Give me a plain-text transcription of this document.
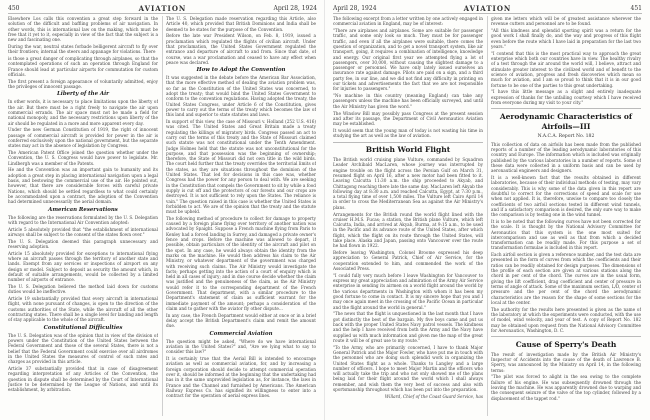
450	AVIATION	April 28, 1924

Elsewhere Los calls this convention a great step forward in the solution of the difficult and baffling problems of air navigation. In other words, this is international law on the making, which must be free that it yet to it, especially in view of the fact that the subject is a new and fascinating one.

During the war, neutral states forbade belligerent aircraft to fly over their frontiers; internal the steers and appanage for violations. There

is those a great danger of complicating through airplanes, so that the contemplated operations of such an operation through England for France should lead at particular airports for commutation for custom officials.

The first present a foreign appearance of voluntarily admitted, enjoy the privileges of innocent passage.

Liberty of the Air

In other words, it is necessary to place limitations upon the liberty of the air. But there must be a right freely to navigate the air upon commercial errands. The air space must not be made a field for national monopoly, and the necessary restrictions upon liberty of the air should be regulated in a more and more apparent every day.

Under the new German Constitution of 1919, the right of innocent passage of commercial aircraft is provided for power in the air is conferred exclusively upon the national government, but the separate states may act in the absence of legislation by Congress.

The American Patent Office joined the question whether under the Convention, the U. S. Congress would have power to legislate. Mr. Lindbergh was a member of the Patents.

He and the Convention was an important gain to humanity and its adoption a great step in placing international navigation upon a legal basis, and bestowing the commercial use of the air. He pointed out, however, that there are considerable forces with careful private Nations, which should be settled regardless to what could certainly be accommodated upon a contract, the adoption of the Convention had determined unnecessarily the aerial domain.

American Reservations

The following are the reservations formulated by the U. S. Delegation with regard to the International Air Convention adopted:

Article 5 absolutely provided that "the establishment of international airways shall be subject to the consent of the states flown over."

The U. S. Delegation deemed this paragraph unnecessary and reserving adoption.

Article 15 absolutely provided for exceptions to international flying where an aircraft passes through the territory of another state and lands. Exempt from any services or inspections of airsport on any design or model. Subject to deposit as security the amount which, in default of suitable arrangements, would be collected by a limited number of airports of entrance.

The U. S. Delegation believed the method laid down for customs duties would be ineffective.

Article 19 substantially provided that every aircraft in international flight, with none pursuant of changes, is open to the direction of the customs authorities of the State, while the aircraft of all the other contracting states. There shall be a single level for landing and length of stay applicable to the whole of the aircraft.

Constitutional Difficulties

The U. S. Delegation was of the opinion that in view of the division of powers under the Constitution of the United States between the Federal Government and those of the several States, there is not a belief that the Federal Government could exercise over all airdromes in the United States the measures of control of such rates and charges as provided in this article.

Article 37 substantially provided that in case of disagreement regarding interpretation of any Articles of the Convention, the question in dispute shall be determined by the Court of International Justice to be determined by the League of Nations, and until its establishment, by arbitration.

The U. S. Delegation made reservation regarding this Article, also Article 40, which provided that British Dominions and India shall be deemed to be states for the purpose of the Convention.

Before the late war President Wilson, on Feb. 8, 1919, issued a proclamation which regulated the flights of civilian aircraft. Under that proclamation, the United States Government regulated the entrance and departure of aircraft to and from. Since that date, of course, was a war proclamation and ceased to have any effect when peace was declared.

How to Adopt the Convention

It was suggested in the debate before the American Bar Association, that the more effective method of dealing the aviation problem was, so far as the Constitution of the United States was concerned, to adopt the treaty; that would bind the United States Government to conform to the convention regulations. Having adopted the treaty, the United States Congress, under Article 6 of the Constitution, gives power to carry out the terms of the treaty which becomes the law of this land and superior to state statutes and laws.

In support of this view, the case of Missouri v. Holland (252 U.S. 416) was cited. The United States and Great Britain made a treaty regulating the killings of migratory birds. Congress passed an act to carry out the terms of this treaty and the State of Missouri claimed such statute was not constitutional under the Tenth Amendment. Judge Holmes held that the statute was not unconstitutional for the purpose, and that possession was the beginning of ownership; therefore, the State of Missouri did not own title in the wild birds. The court held further that the treaty overrides the territorial limits of the states, as they are situations throughout the dominion of the United States. That led for decisions in this case was, whether Congress had the power for any person to deal with. We are seeking in the Constitution that compels the Government to sit by while a food supply is cut off and the protectors of our forests and our crops are destroyed. It is not sufficient to rely upon the States. The reliance is vain." The question raised in this case is whether the United States is forbidden to act. We are of the opinion that the treaty and the statute must be upheld.

The following method of procedure to collect for damage to property caused by a foreign plane flying over territory of another nation was advocated by Spaight. Suppose a French machine flying from Paris to Kenley had a forced landing in Surrey, and damaged a private owner's fence and crops. Before the machine was allowed to depart, if possible, obtain particulars of the identity of the aircraft and pilot on the spot. In any case, he would always obtain the identity from the marks on the machine. He would then address his claim to the Air Ministry, or whatever department of the government was charged with receiving such claims. The Air Ministry would investigate the facts; perhaps getting into the action of a court of enquiry which is held in all cases of injury; and in due course decide whether the claim was justified and the genuineness of the claim, as the Air Ministry would refer it to the corresponding department of the French Government. That department, with a similar procedure to the Department's statement of claim as sufficient warrant for the immediate payment of the amount; perhaps a consideration of the claim and to gather with the aviator fly other dispute...

In any case, the French Department would either at once or in a brief delay accept the British Department's claim and remit the amount due.

Commercial Aviation

The question might be asked, "Where do we have international aviation in the United States?" and, "Are we lying what to say to consider this law?"

It is certainly true that the Aerial Bill is intended to encourage aviation as well as commercial aviation, for, and by increasing a foreign corporation should decide to attempt commercial operation over it, should be informed at the beginning that the undertaking had has in it the same unprovided legislation as, for instance, the laws in France and the Channel and furnished by Americans. The American Railway Express Co. has signified its willingness to enter into a contract for the operation of aerial express lines.

April 28, 1924	AVIATION	451

The following excerpt from a letter written by one actively engaged in commercial aviation in England, may be of interest:

"There are airplanes and airplanes. Some are suitable for passenger traffic, and some only look so much. They must be for passenger traffic, and even if all the airplanes were suitable, there comes the question of organization, and to get a novel transport system, like air transport, going, it requires a combination of intelligence, knowledge and energy. Our original first year we attempted flying a lot of passengers, over 30,000, without causing the slightest damage to a passenger or personnel. We have only lately issued ourselves an insurance rate against damage. Pilots are paid on a sign, and a third party fee, in our line, and we did not find any difficulty in printing on our tickets and advertisements the fact that we are not responsible for injuries to passengers."

"No machine in this country (meaning England) can take any passengers unless the machine has been officially surveyed, and until the Air Ministry has given the word."

The Winslow Bill may possibly pass Congress at the present session and after its passage, the Department of Civil Aeronautics Aviation may be established.

It would seem that the young man of today is not wasting his time in studying the art as well as the law of aviation.

British World Flight

The British world cruising plane Vulture, commanded by Squadron Leader Archibald MacLaren, whose journey was interrupted by engine trouble on the flight across the Persian Gulf on March 31, resumed flight on April 16, after a new motor had been fitted to it. Leaving Calcutta 11:30 a.m. the ship proceeded to Akyab, and Chittagong reaching there late the same day. MacLaren left Akyab the following day at 8:30 a.m. and reached Calcutta, Egypt, at 7:30 p.m., a total flying time of over 1,500 miles. The Vulture left Cairo April 14 in order to cross the Mediterranean Sea as against the Air Ministry's plans.

Arrangements for the British round the world flight lined with the cruiser H.M.S. Fucas; a station, the British plane Vulture, which left Calcutta, India, and arrived at Akyab, Burma, at 9:15 a.m., to be used in the Pacific and its advance route of the United States, after which flight, which the flight on its route through the United States, will take place. Alaska and Japan, passing onto Vancouver over the route he had flown in 1922.

Before leaving Washington, Colonel Broome expressed his deep appreciation to General Patrick, Chief of Air Service, for the cooperation extended to him, and commended the work of the Associated Press.

"I could fully very much before I leave Washington for Vancouver to express my great appreciation and admiration of the Army Air Service enterprise in sending its airmen on a world flight around the world by the various departments in Washington with whom it has been my good fortune to come in contact. It is my sincere hope that you and I may once again meet in the crossing of the Pacific Ocean in particular and the flight around the world in general."

"The news that the flight is unquestioned in the last month that I have got distinctly the best of the bargain. My five boys came and put us back with the proper United States Navy patrol vessels. The kindness and the help I have received from both the Army and the Navy have supplied us with much information and given me the map of the great route it will be of great use to my route."

"To the Army, who are primarily concerned, I have to thank Major General Patrick and the Major Fowler, who have put me in touch with the personnel who are doing such splendid work in organizing the United States flight as a whole. Thanks to Langley and a large number of officers. I hope to meet Major Martin and the officers who will actually take the trip and who not only showed me of the plans being laid for their flight around the world which I shall always remember, and wish them the very best of success and also with sportsmanship throughout which has been put into the preparation.

Willard, Chief of the Coast Guard Service, has

given me letters which will be of greatest assistance wherever the revenue cutters and personnel are to be found.

"All this kindness and splendid sporting spirit was a return for the good work I shall finally do, and the way and progress of this flight even before the route which I have laid in preparation for the last two years."

"I contend that this is the most practical way to approach the great enterprise which both our countries have in view. The healthy rivalry of a test through the air around the world will, I believe, attract and stimulate greater interest to the civilized world and of benefit to the science of aviation, progress and fresh discoveries which mean so much for aviation, and I am so proud to think that it is in our good fortune to be one of the parties to this great undertaking.

"I have this little message as a slight and entirely inadequate expression of thanks for the unfailing courtesy which I have received from everyone during my visit to your city."

Aerodynamic Characteristics of Airfoils—III

N.A.C.A. Report No. 182

This collection of data on airfoils has been made from the published reports of a number of the leading aerodynamic laboratories of this country and Europe. The information which is included was originally published by the various laboratories in a number of reports. Some of these data were collected in a uniform basis and can be used by aeronautical engineers and designers.

It is a well-known fact that the results obtained in different laboratories, because of their individual methods of testing, may vary considerably. This is why some of the data given in this report are doubtful to correct for the corrections of speed and scale for use when not applied. It is, therefore, unwise to compare too closely the coefficients of two airfoil sections tested in different wind tunnels, and if a satisfactory comparison is desired, the only sure way to make the comparison is by testing one in the wind tunnel.

It is to be noted that the following curves have not been corrected for the scale. It is thought by the National Advisory Committee for Aeronautics that this system is the one most suited for intercomparison and use as well as that from which a decided transformation can be readily made. For this purpose a set of transformation formulae is included in this report.

Each airfoil section is given a reference number, and the test data are presented in the form of curves from which the coefficients and their ratios can be readily obtained for design purposes. The dimensions of the profile of each section are given at various stations along the chord in per cent of the chord. The curves are in the usual form, giving the lift coefficient, drag coefficient and center of pressure in terms of angle of attack. Some of the maximum section, L/D, center of pressure and the per cent of the chord the aerodynamic characteristics are the reason for the shape of some sections for the local at the center.

The authority for the results here presented is given as the name of the laboratory at which the experiments were conducted, with the use of model, wind velocity, and year of test. A copy of Report No. 182 may be obtained upon request from the National Advisory Committee for Aeronautics, Washington, D. C.

Cause of Sperry's Death

The result of investigation made by the British Air Ministry's Inspector of Accidents into the cause of the death of Lawrence B. Sperry, was announced by the Ministry on April 14, in the following terms:

"The pilot was forced to alight in the sea owing to the complete failure of his engine. He was subsequently drowned through the leaving the machine. He was apparently drowned due to warping and the consequent seizure of the valve of the top cylinder, followed by a displacement of the tappet rod."
